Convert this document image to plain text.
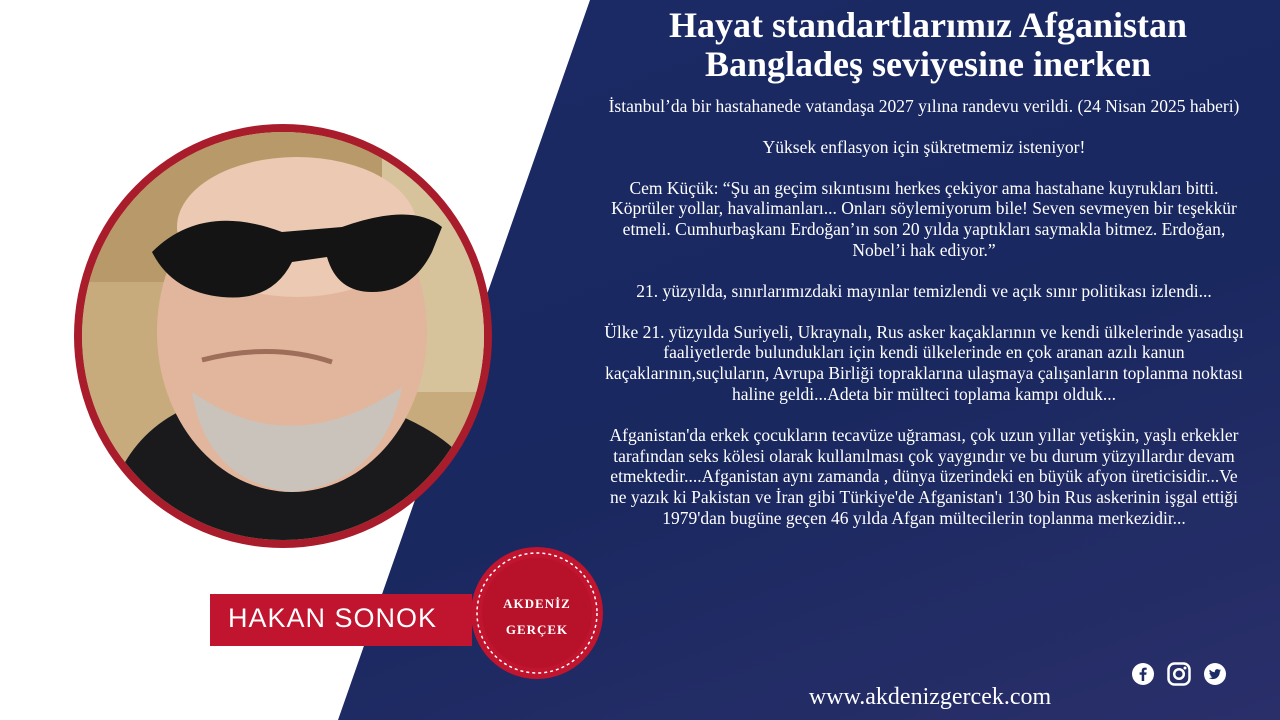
HAKAN SONOK	AKDENİZ
GERÇEK
Hayat standartlarımız Afganistan
Bangladeş seviyesine inerken

İstanbul’da bir hastahanede vatandaşa 2027 yılına randevu verildi. (24 Nisan 2025 haberi)

Yüksek enflasyon için şükretmemiz isteniyor!

Cem Küçük: “Şu an geçim sıkıntısını herkes çekiyor ama hastahane kuyrukları bitti. Köprüler yollar, havalimanları... Onları söylemiyorum bile! Seven sevmeyen bir teşekkür etmeli. Cumhurbaşkanı Erdoğan’ın son 20 yılda yaptıkları saymakla bitmez. Erdoğan, Nobel’i hak ediyor.”

21. yüzyılda, sınırlarımızdaki mayınlar temizlendi ve açık sınır politikası izlendi...

Ülke 21. yüzyılda Suriyeli, Ukraynalı, Rus asker kaçaklarının ve kendi ülkelerinde yasadışı faaliyetlerde bulundukları için kendi ülkelerinde en çok aranan azılı kanun kaçaklarının,suçluların, Avrupa Birliği topraklarına ulaşmaya çalışanların toplanma noktası haline geldi...Adeta bir mülteci toplama kampı olduk...

Afganistan'da erkek çocukların tecavüze uğraması, çok uzun yıllar yetişkin, yaşlı erkekler tarafından seks kölesi olarak kullanılması çok yaygındır ve bu durum yüzyıllardır devam etmektedir....Afganistan aynı zamanda , dünya üzerindeki en büyük afyon üreticisidir...Ve ne yazık ki Pakistan ve İran gibi Türkiye'de Afganistan'ı 130 bin Rus askerinin işgal ettiği 1979'dan bugüne geçen 46 yılda Afgan mültecilerin toplanma merkezidir...

www.akdenizgercek.com
